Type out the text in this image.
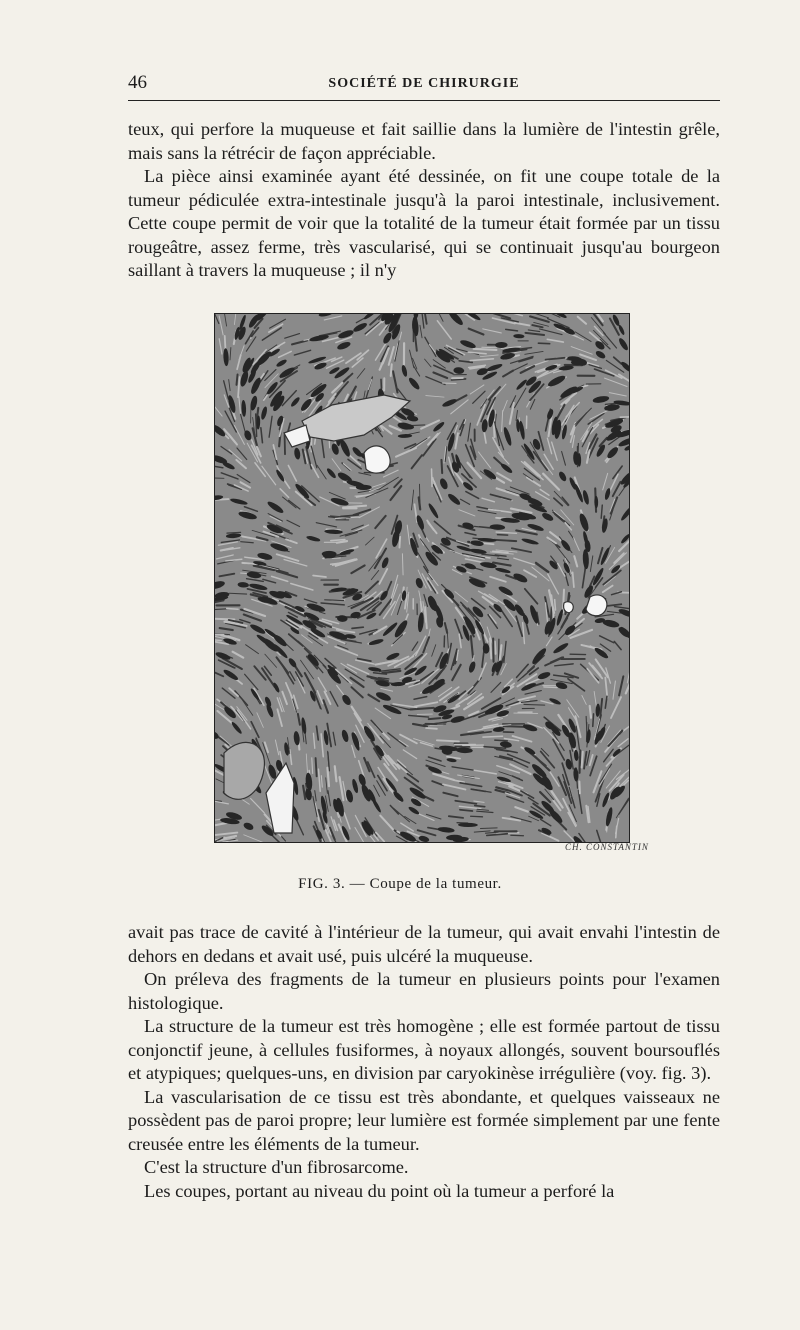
46	SOCIÉTÉ DE CHIRURGIE

teux, qui perfore la muqueuse et fait saillie dans la lumière de l'intestin grêle, mais sans la rétrécir de façon appréciable.

La pièce ainsi examinée ayant été dessinée, on fit une coupe totale de la tumeur pédiculée extra-intestinale jusqu'à la paroi intestinale, inclusivement. Cette coupe permit de voir que la totalité de la tumeur était formée par un tissu rougeâtre, assez ferme, très vascularisé, qui se continuait jusqu'au bourgeon saillant à travers la muqueuse ; il n'y

CH. CONSTANTIN
FIG. 3. — Coupe de la tumeur.

avait pas trace de cavité à l'intérieur de la tumeur, qui avait envahi l'intestin de dehors en dedans et avait usé, puis ulcéré la muqueuse.

On préleva des fragments de la tumeur en plusieurs points pour l'examen histologique.

La structure de la tumeur est très homogène ; elle est formée partout de tissu conjonctif jeune, à cellules fusiformes, à noyaux allongés, souvent boursouflés et atypiques; quelques-uns, en division par caryokinèse irrégulière (voy. fig. 3).

La vascularisation de ce tissu est très abondante, et quelques vaisseaux ne possèdent pas de paroi propre; leur lumière est formée simplement par une fente creusée entre les éléments de la tumeur.

C'est la structure d'un fibrosarcome.

Les coupes, portant au niveau du point où la tumeur a perforé la
